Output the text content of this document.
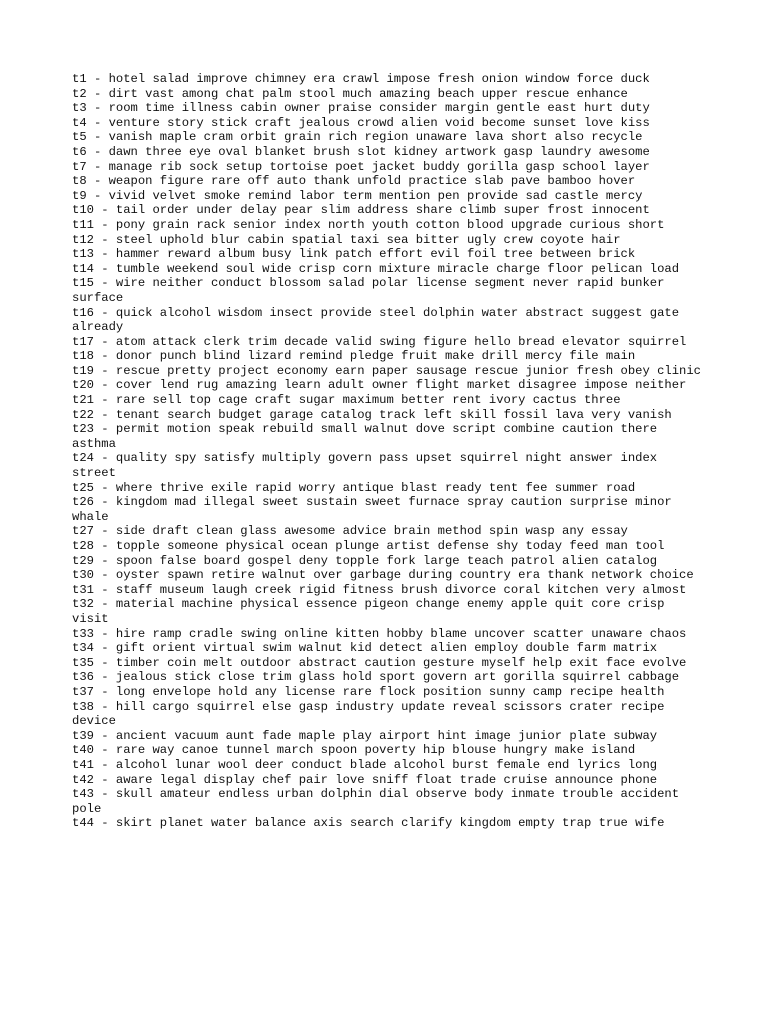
t1 - hotel salad improve chimney era crawl impose fresh onion window force duck
t2 - dirt vast among chat palm stool much amazing beach upper rescue enhance
t3 - room time illness cabin owner praise consider margin gentle east hurt duty
t4 - venture story stick craft jealous crowd alien void become sunset love kiss
t5 - vanish maple cram orbit grain rich region unaware lava short also recycle
t6 - dawn three eye oval blanket brush slot kidney artwork gasp laundry awesome
t7 - manage rib sock setup tortoise poet jacket buddy gorilla gasp school layer
t8 - weapon figure rare off auto thank unfold practice slab pave bamboo hover
t9 - vivid velvet smoke remind labor term mention pen provide sad castle mercy
t10 - tail order under delay pear slim address share climb super frost innocent
t11 - pony grain rack senior index north youth cotton blood upgrade curious short
t12 - steel uphold blur cabin spatial taxi sea bitter ugly crew coyote hair
t13 - hammer reward album busy link patch effort evil foil tree between brick
t14 - tumble weekend soul wide crisp corn mixture miracle charge floor pelican load
t15 - wire neither conduct blossom salad polar license segment never rapid bunker surface
t16 - quick alcohol wisdom insect provide steel dolphin water abstract suggest gate already
t17 - atom attack clerk trim decade valid swing figure hello bread elevator squirrel
t18 - donor punch blind lizard remind pledge fruit make drill mercy file main
t19 - rescue pretty project economy earn paper sausage rescue junior fresh obey clinic
t20 - cover lend rug amazing learn adult owner flight market disagree impose neither
t21 - rare sell top cage craft sugar maximum better rent ivory cactus three
t22 - tenant search budget garage catalog track left skill fossil lava very vanish
t23 - permit motion speak rebuild small walnut dove script combine caution there asthma
t24 - quality spy satisfy multiply govern pass upset squirrel night answer index street
t25 - where thrive exile rapid worry antique blast ready tent fee summer road
t26 - kingdom mad illegal sweet sustain sweet furnace spray caution surprise minor whale
t27 - side draft clean glass awesome advice brain method spin wasp any essay
t28 - topple someone physical ocean plunge artist defense shy today feed man tool
t29 - spoon false board gospel deny topple fork large teach patrol alien catalog
t30 - oyster spawn retire walnut over garbage during country era thank network choice
t31 - staff museum laugh creek rigid fitness brush divorce coral kitchen very almost
t32 - material machine physical essence pigeon change enemy apple quit core crisp visit
t33 - hire ramp cradle swing online kitten hobby blame uncover scatter unaware chaos
t34 - gift orient virtual swim walnut kid detect alien employ double farm matrix
t35 - timber coin melt outdoor abstract caution gesture myself help exit face evolve
t36 - jealous stick close trim glass hold sport govern art gorilla squirrel cabbage
t37 - long envelope hold any license rare flock position sunny camp recipe health
t38 - hill cargo squirrel else gasp industry update reveal scissors crater recipe device
t39 - ancient vacuum aunt fade maple play airport hint image junior plate subway
t40 - rare way canoe tunnel march spoon poverty hip blouse hungry make island
t41 - alcohol lunar wool deer conduct blade alcohol burst female end lyrics long
t42 - aware legal display chef pair love sniff float trade cruise announce phone
t43 - skull amateur endless urban dolphin dial observe body inmate trouble accident pole
t44 - skirt planet water balance axis search clarify kingdom empty trap true wife
